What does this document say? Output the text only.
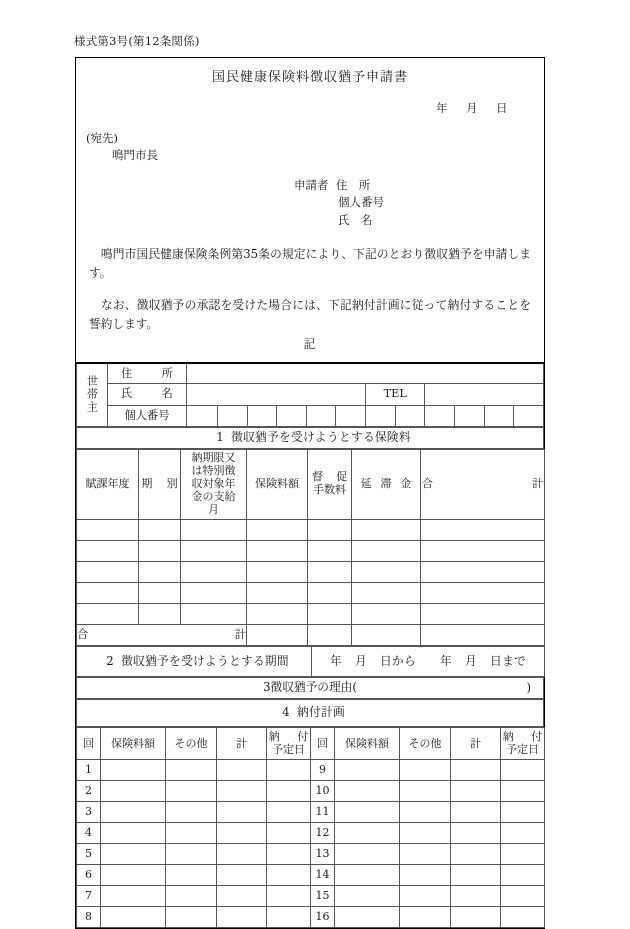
様式第3号(第12条関係)
国民健康保険料徴収猶予申請書
年 月 日
(宛先)
鳴門市長
申請者 住　所
個人番号
氏　名
鳴門市国民健康保険条例第35条の規定により、下記のとおり徴収猶予を申請します。
なお、徴収猶予の承認を受けた場合には、下記納付計画に従って納付することを誓約します。
記
世帯主	住　所												
	氏　名							TEL					
	個人番号												
1 徴収猶予を受けようとする保険料
賦課年度	期　別	納期限又
は特別徴
収対象年
金の支給
月	保険料額	督促
手数料	延滞金	合 計

合 計						

2 徴収猶予を受けようとする期間	年 月 日から 年 月 日まで
3徴収猶予の理由(	)
4 納付計画
回	保険料額	その他	計	納　付
予定日	回	保険料額	その他	計	納　付
予定日
1					9				
2					10				
3					11				
4					12				
5					13				
6					14				
7					15				
8					16				
